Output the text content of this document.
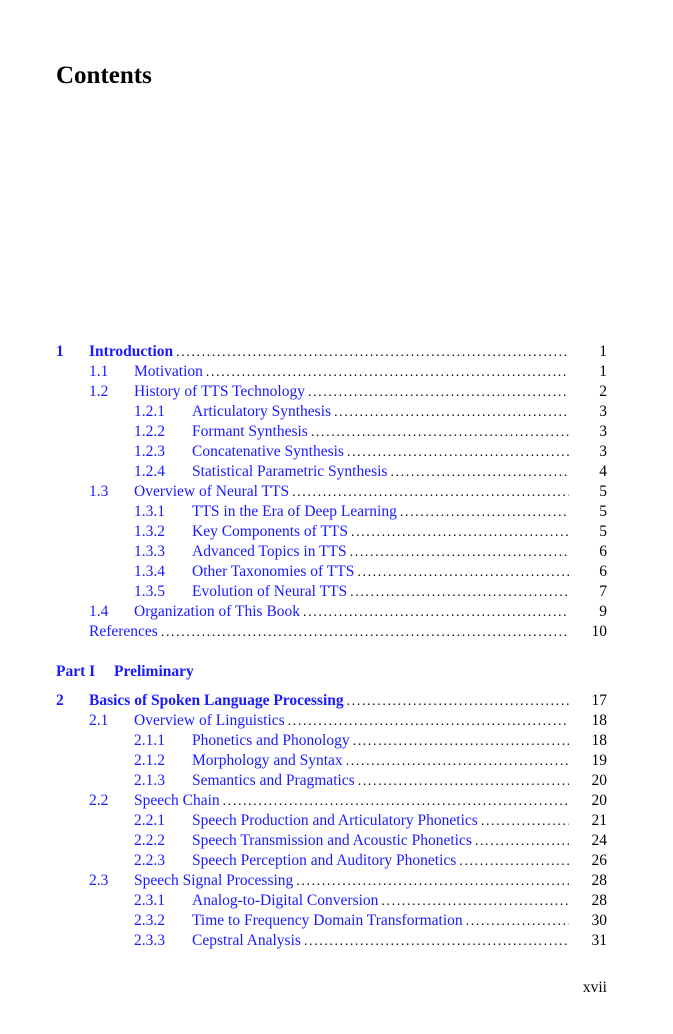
Contents
1 Introduction .....	1
1.1 Motivation .....	1
1.2 History of TTS Technology .....	2
1.2.1 Articulatory Synthesis .....	3
1.2.2 Formant Synthesis .....	3
1.2.3 Concatenative Synthesis .....	3
1.2.4 Statistical Parametric Synthesis .....	4
1.3 Overview of Neural TTS .....	5
1.3.1 TTS in the Era of Deep Learning .....	5
1.3.2 Key Components of TTS .....	5
1.3.3 Advanced Topics in TTS .....	6
1.3.4 Other Taxonomies of TTS .....	6
1.3.5 Evolution of Neural TTS .....	7
1.4 Organization of This Book .....	9
References .....	10
Part I Preliminary
2 Basics of Spoken Language Processing .....	17
2.1 Overview of Linguistics .....	18
2.1.1 Phonetics and Phonology .....	18
2.1.2 Morphology and Syntax .....	19
2.1.3 Semantics and Pragmatics .....	20
2.2 Speech Chain .....	20
2.2.1 Speech Production and Articulatory Phonetics .....	21
2.2.2 Speech Transmission and Acoustic Phonetics .....	24
2.2.3 Speech Perception and Auditory Phonetics .....	26
2.3 Speech Signal Processing .....	28
2.3.1 Analog-to-Digital Conversion .....	28
2.3.2 Time to Frequency Domain Transformation .....	30
2.3.3 Cepstral Analysis .....	31
xvii
